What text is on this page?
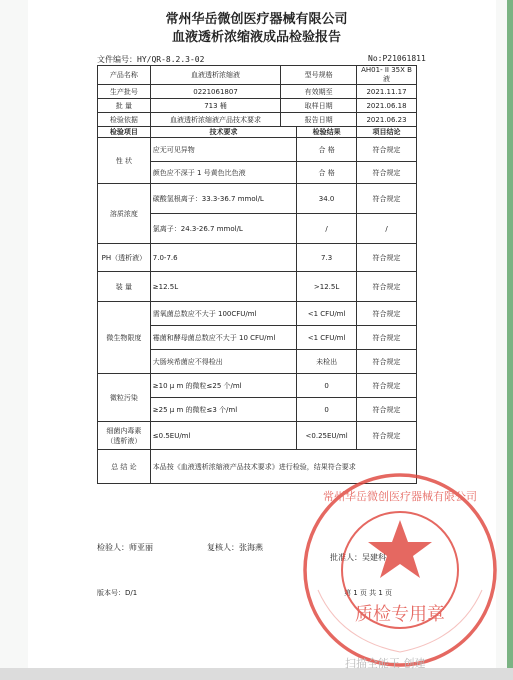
常州华岳微创医疗器械有限公司
血液透析浓缩液成品检验报告
文件编号：HY/QR-8.2.3-02	No:P21061811
产品名称	血液透析浓缩液	型号规格		AH01- II 35X B 液
生产批号	0221061807	有效期至		2021.11.17
批 量	713 桶	取样日期		2021.06.18
检验依据	血液透析浓缩液产品技术要求	报告日期		2021.06.23
检验项目	技术要求		检验结果	项目结论
性 状	应无可见异物		合 格	符合规定
	颜色应不深于 1 号黄色比色液		合 格	符合规定
溶质浓度	碳酸氢根离子：33.3-36.7 mmol/L		34.0	符合规定
	氯离子：24.3-26.7 mmol/L		/	/
PH（透析液）	7.0-7.6		7.3	符合规定
装 量	≥12.5L		>12.5L	符合规定
微生物限度	需氧菌总数应不大于 100CFU/ml		<1 CFU/ml	符合规定
	霉菌和酵母菌总数应不大于 10 CFU/ml		<1 CFU/ml	符合规定
	大肠埃希菌应不得检出		未检出	符合规定
微粒污染	≥10 μ m 的微粒≤25 个/ml		0	符合规定
	≥25 μ m 的微粒≤3 个/ml		0	符合规定
细菌内毒素（透析液）	≤0.5EU/ml		<0.25EU/ml	符合规定
总 结 论	本品按《血液透析浓缩液产品技术要求》进行检验，结果符合要求			
检验人：师亚丽	复核人：张海燕
批准人：吴建科
版本号：D/1	第 1 页 共 1 页
质检专用章
常州华岳微创医疗器械有限公司
扫描全能王 创建
